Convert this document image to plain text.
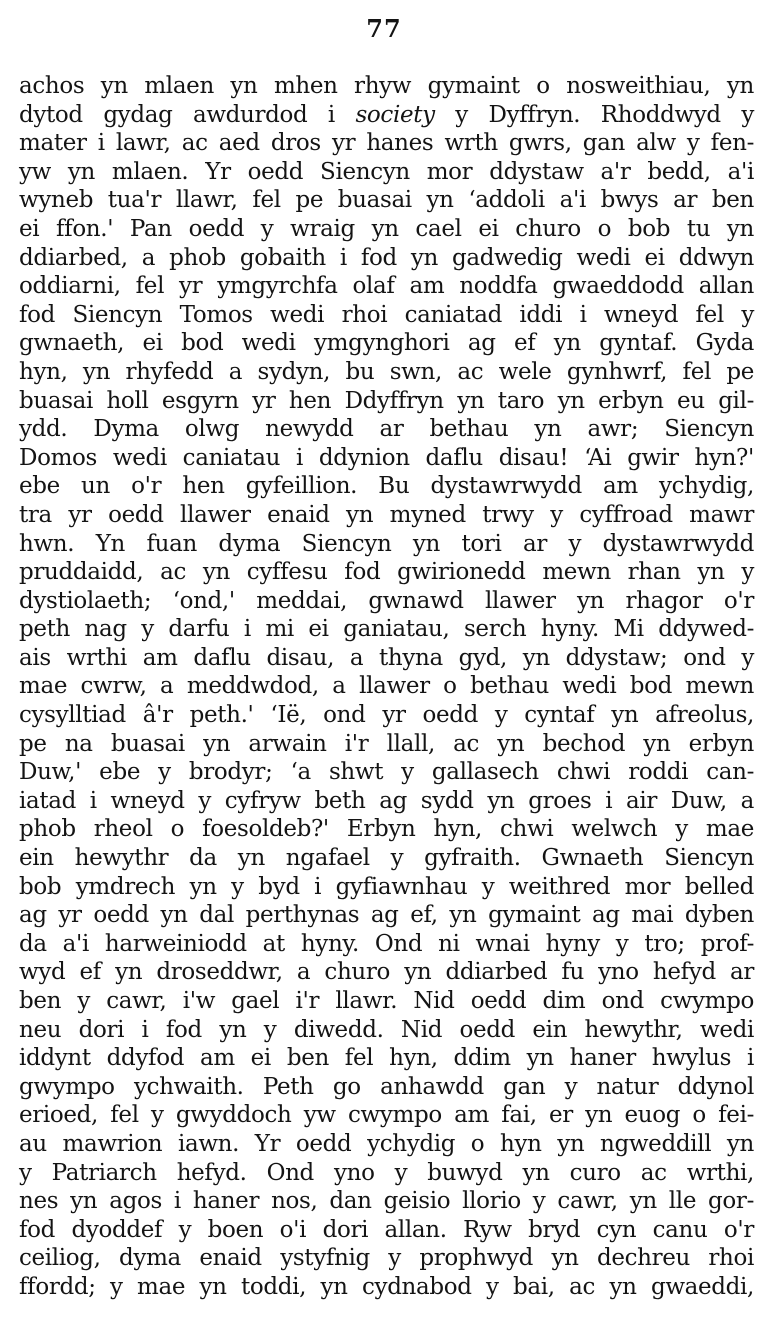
77
achos yn mlaen yn mhen rhyw gymaint o nosweithiau, yn
dytod gydag awdurdod i society y Dyffryn. Rhoddwyd y
mater i lawr, ac aed dros yr hanes wrth gwrs, gan alw y fen-
yw yn mlaen. Yr oedd Siencyn mor ddystaw a'r bedd, a'i
wyneb tua'r llawr, fel pe buasai yn ‘addoli a'i bwys ar ben
ei ffon.' Pan oedd y wraig yn cael ei churo o bob tu yn
ddiarbed, a phob gobaith i fod yn gadwedig wedi ei ddwyn
oddiarni, fel yr ymgyrchfa olaf am noddfa gwaeddodd allan
fod Siencyn Tomos wedi rhoi caniatad iddi i wneyd fel y
gwnaeth, ei bod wedi ymgynghori ag ef yn gyntaf. Gyda
hyn, yn rhyfedd a sydyn, bu swn, ac wele gynhwrf, fel pe
buasai holl esgyrn yr hen Ddyffryn yn taro yn erbyn eu gil-
ydd. Dyma olwg newydd ar bethau yn awr; Siencyn
Domos wedi caniatau i ddynion daflu disau! ‘Ai gwir hyn?'
ebe un o'r hen gyfeillion. Bu dystawrwydd am ychydig,
tra yr oedd llawer enaid yn myned trwy y cyffroad mawr
hwn. Yn fuan dyma Siencyn yn tori ar y dystawrwydd
pruddaidd, ac yn cyffesu fod gwirionedd mewn rhan yn y
dystiolaeth; ‘ond,' meddai, gwnawd llawer yn rhagor o'r
peth nag y darfu i mi ei ganiatau, serch hyny. Mi ddywed-
ais wrthi am daflu disau, a thyna gyd, yn ddystaw; ond y
mae cwrw, a meddwdod, a llawer o bethau wedi bod mewn
cysylltiad â'r peth.' ‘Ië, ond yr oedd y cyntaf yn afreolus,
pe na buasai yn arwain i'r llall, ac yn bechod yn erbyn
Duw,' ebe y brodyr; ‘a shwt y gallasech chwi roddi can-
iatad i wneyd y cyfryw beth ag sydd yn groes i air Duw, a
phob rheol o foesoldeb?' Erbyn hyn, chwi welwch y mae
ein hewythr da yn ngafael y gyfraith. Gwnaeth Siencyn
bob ymdrech yn y byd i gyfiawnhau y weithred mor belled
ag yr oedd yn dal perthynas ag ef, yn gymaint ag mai dyben
da a'i harweiniodd at hyny. Ond ni wnai hyny y tro; prof-
wyd ef yn droseddwr, a churo yn ddiarbed fu yno hefyd ar
ben y cawr, i'w gael i'r llawr. Nid oedd dim ond cwympo
neu dori i fod yn y diwedd. Nid oedd ein hewythr, wedi
iddynt ddyfod am ei ben fel hyn, ddim yn haner hwylus i
gwympo ychwaith. Peth go anhawdd gan y natur ddynol
erioed, fel y gwyddoch yw cwympo am fai, er yn euog o fei-
au mawrion iawn. Yr oedd ychydig o hyn yn ngweddill yn
y Patriarch hefyd. Ond yno y buwyd yn curo ac wrthi,
nes yn agos i haner nos, dan geisio llorio y cawr, yn lle gor-
fod dyoddef y boen o'i dori allan. Ryw bryd cyn canu o'r
ceiliog, dyma enaid ystyfnig y prophwyd yn dechreu rhoi
ffordd; y mae yn toddi, yn cydnabod y bai, ac yn gwaeddi,
